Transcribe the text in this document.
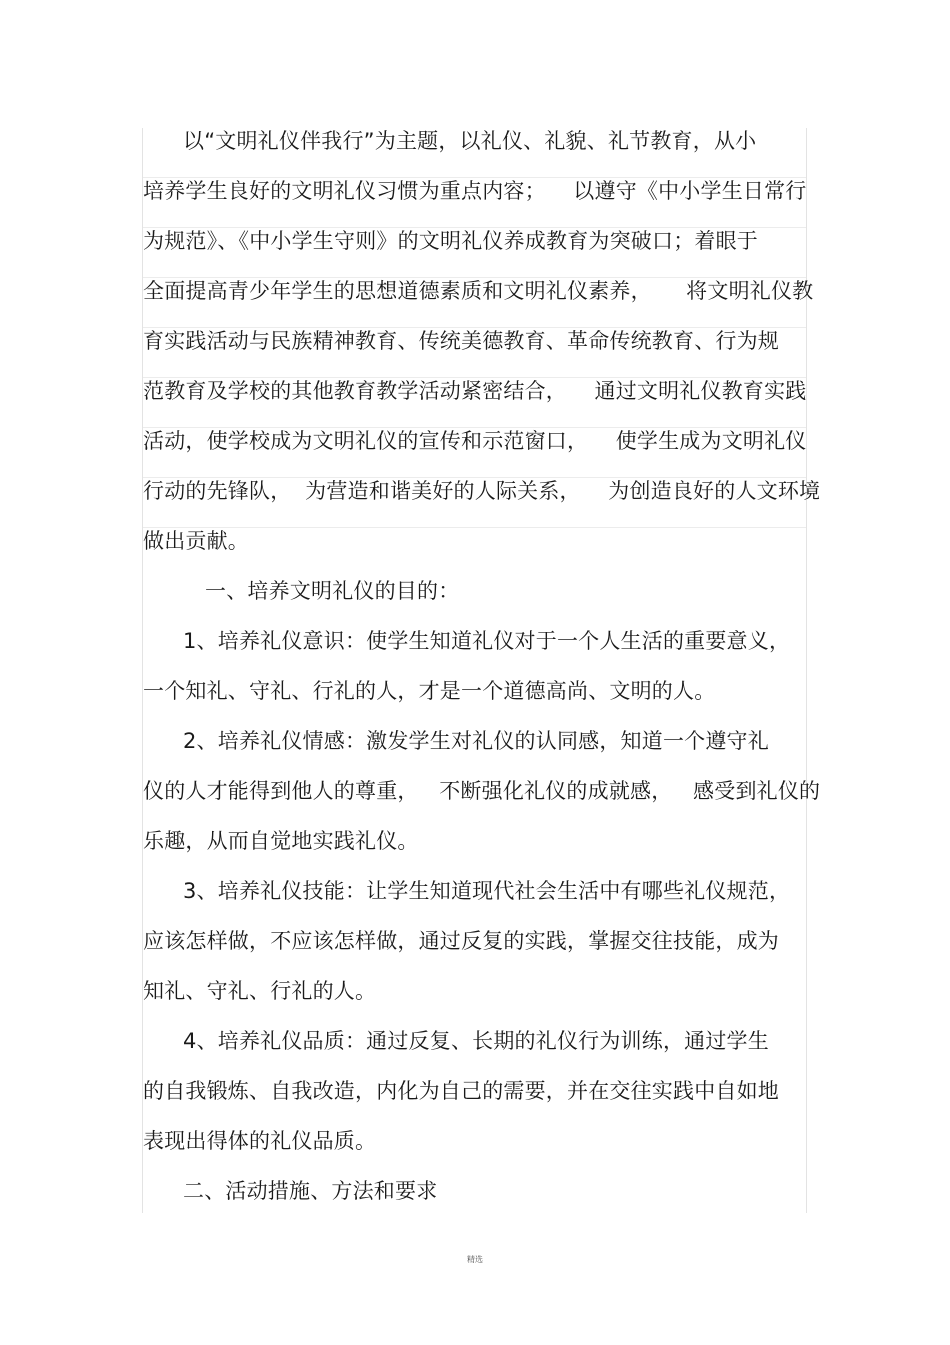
以“文明礼仪伴我行”为主题，以礼仪、礼貌、礼节教育，从小
培养学生良好的文明礼仪习惯为重点内容；    以遵守《中小学生日常行
为规范》、《中小学生守则》的文明礼仪养成教育为突破口；着眼于
全面提高青少年学生的思想道德素质和文明礼仪素养，     将文明礼仪教
育实践活动与民族精神教育、传统美德教育、革命传统教育、行为规
范教育及学校的其他教育教学活动紧密结合，    通过文明礼仪教育实践
活动，使学校成为文明礼仪的宣传和示范窗口，    使学生成为文明礼仪
行动的先锋队，  为营造和谐美好的人际关系，    为创造良好的人文环境
做出贡献。
一、培养文明礼仪的目的：
1、培养礼仪意识：使学生知道礼仪对于一个人生活的重要意义，
一个知礼、守礼、行礼的人，才是一个道德高尚、文明的人。
2、培养礼仪情感：激发学生对礼仪的认同感，知道一个遵守礼
仪的人才能得到他人的尊重，   不断强化礼仪的成就感，   感受到礼仪的
乐趣，从而自觉地实践礼仪。
3、培养礼仪技能：让学生知道现代社会生活中有哪些礼仪规范，
应该怎样做，不应该怎样做，通过反复的实践，掌握交往技能，成为
知礼、守礼、行礼的人。
4、培养礼仪品质：通过反复、长期的礼仪行为训练，通过学生
的自我锻炼、自我改造，内化为自己的需要，并在交往实践中自如地
表现出得体的礼仪品质。
二、活动措施、方法和要求
精选
